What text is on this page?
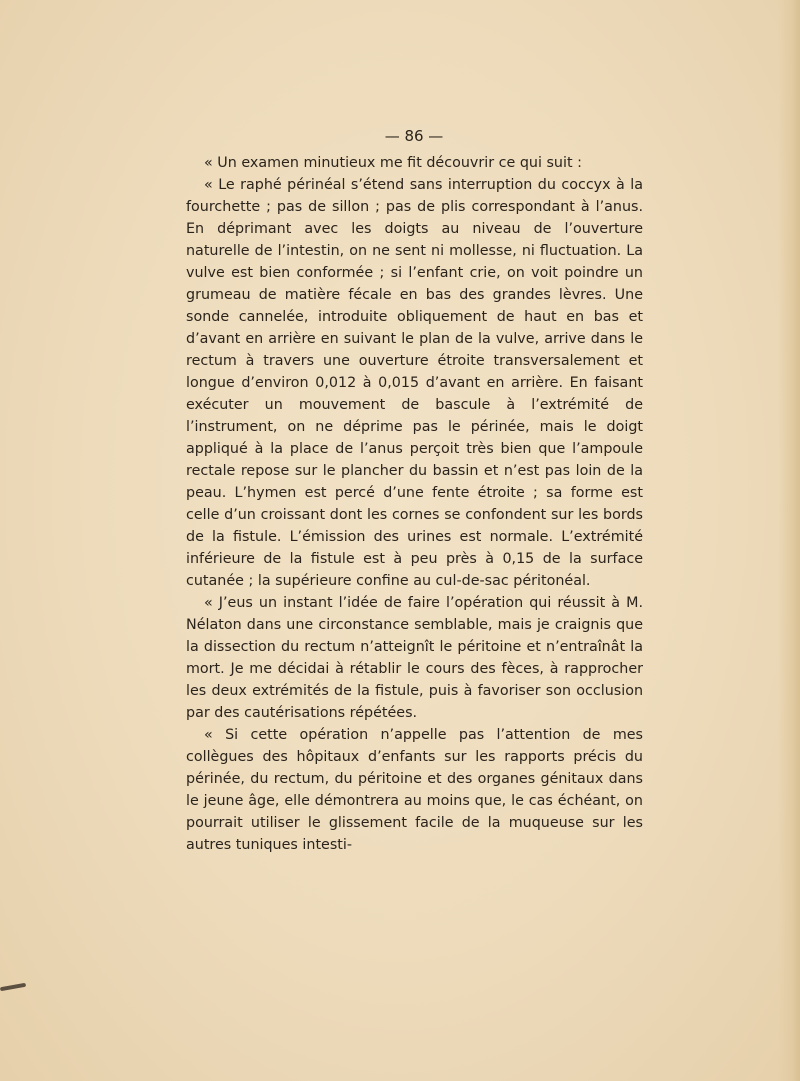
— 86 —

« Un examen minutieux me fit découvrir ce qui suit :

« Le raphé périnéal s’étend sans interruption du coccyx à la fourchette ; pas de sillon ; pas de plis correspondant à l’anus. En déprimant avec les doigts au niveau de l’ouverture naturelle de l’intestin, on ne sent ni mollesse, ni fluctuation. La vulve est bien conformée ; si l’enfant crie, on voit poindre un grumeau de matière fécale en bas des grandes lèvres. Une sonde cannelée, introduite obliquement de haut en bas et d’avant en arrière en suivant le plan de la vulve, arrive dans le rectum à travers une ouverture étroite transversalement et longue d’environ 0,012 à 0,015 d’avant en arrière. En faisant exécuter un mouvement de bascule à l’extrémité de l’instrument, on ne déprime pas le périnée, mais le doigt appliqué à la place de l’anus perçoit très bien que l’ampoule rectale repose sur le plancher du bassin et n’est pas loin de la peau. L’hymen est percé d’une fente étroite ; sa forme est celle d’un croissant dont les cornes se confondent sur les bords de la fistule. L’émission des urines est normale. L’extrémité inférieure de la fistule est à peu près à 0,15 de la surface cutanée ; la supérieure confine au cul-de-sac péritonéal.

« J’eus un instant l’idée de faire l’opération qui réussit à M. Nélaton dans une circonstance semblable, mais je craignis que la dissection du rectum n’atteignît le péritoine et n’entraînât la mort. Je me décidai à rétablir le cours des fèces, à rapprocher les deux extrémités de la fistule, puis à favoriser son occlusion par des cautérisations répétées.

« Si cette opération n’appelle pas l’attention de mes collègues des hôpitaux d’enfants sur les rapports précis du périnée, du rectum, du péritoine et des organes génitaux dans le jeune âge, elle démontrera au moins que, le cas échéant, on pourrait utiliser le glissement facile de la muqueuse sur les autres tuniques intesti-
